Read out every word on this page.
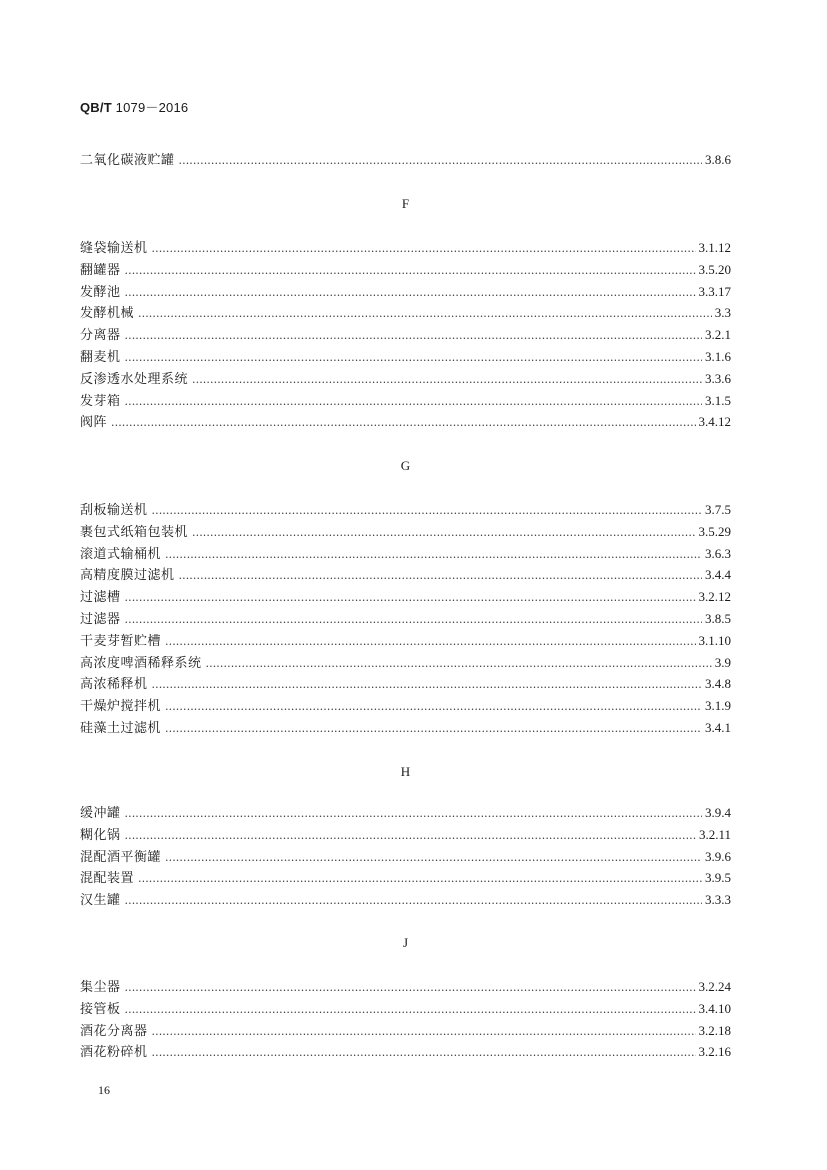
QB/T 1079－2016
二氧化碳液贮罐 .....	3.8.6
F
缝袋输送机 .....	3.1.12
翻罐器 .....	3.5.20
发酵池 .....	3.3.17
发酵机械 .....	3.3
分离器 .....	3.2.1
翻麦机 .....	3.1.6
反渗透水处理系统 .....	3.3.6
发芽箱 .....	3.1.5
阀阵 .....	3.4.12
G
刮板输送机 .....	3.7.5
裹包式纸箱包装机 .....	3.5.29
滚道式输桶机 .....	3.6.3
高精度膜过滤机 .....	3.4.4
过滤槽 .....	3.2.12
过滤器 .....	3.8.5
干麦芽暂贮槽 .....	3.1.10
高浓度啤酒稀释系统 .....	3.9
高浓稀释机 .....	3.4.8
干燥炉搅拌机 .....	3.1.9
硅藻土过滤机 .....	3.4.1
H
缓冲罐 .....	3.9.4
糊化锅 .....	3.2.11
混配酒平衡罐 .....	3.9.6
混配装置 .....	3.9.5
汉生罐 .....	3.3.3
J
集尘器 .....	3.2.24
接管板 .....	3.4.10
酒花分离器 .....	3.2.18
酒花粉碎机 .....	3.2.16
16
